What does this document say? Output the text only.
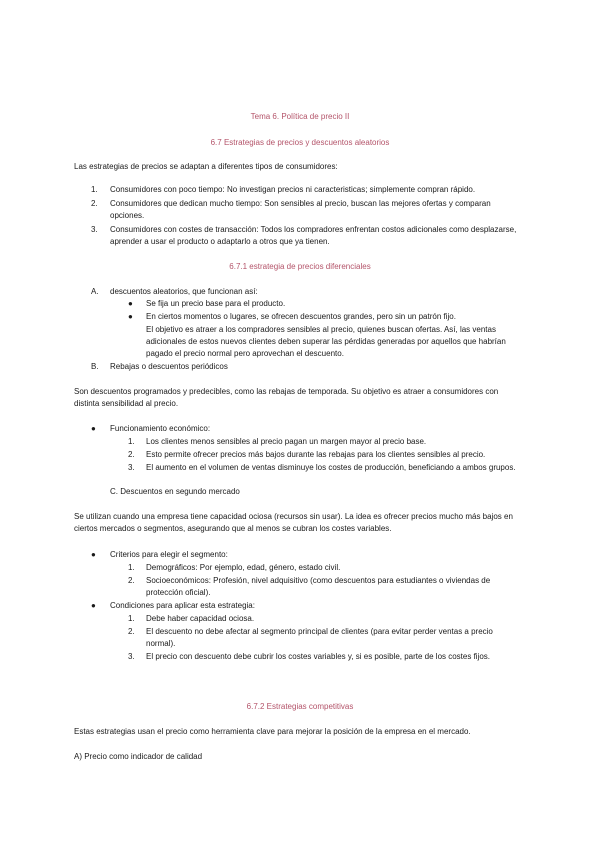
Tema 6. Política de precio II
6.7 Estrategias de precios y descuentos aleatorios
Las estrategias de precios se adaptan a diferentes tipos de consumidores:
1. Consumidores con poco tiempo: No investigan precios ni caracteristicas; simplemente compran rápido.
2. Consumidores que dedican mucho tiempo: Son sensibles al precio, buscan las mejores ofertas y comparan
opciones.
3. Consumidores con costes de transacción: Todos los compradores enfrentan costos adicionales como desplazarse,
aprender a usar el producto o adaptarlo a otros que ya tienen.
6.7.1 estrategia de precios diferenciales
A. descuentos aleatorios, que funcionan así:
● Se fija un precio base para el producto.
● En ciertos momentos o lugares, se ofrecen descuentos grandes, pero sin un patrón fijo.
El objetivo es atraer a los compradores sensibles al precio, quienes buscan ofertas. Así, las ventas
adicionales de estos nuevos clientes deben superar las pérdidas generadas por aquellos que habrían
pagado el precio normal pero aprovechan el descuento.
B. Rebajas o descuentos periódicos
Son descuentos programados y predecibles, como las rebajas de temporada. Su objetivo es atraer a consumidores con
distinta sensibilidad al precio.
● Funcionamiento económico:
1. Los clientes menos sensibles al precio pagan un margen mayor al precio base.
2. Esto permite ofrecer precios más bajos durante las rebajas para los clientes sensibles al precio.
3. El aumento en el volumen de ventas disminuye los costes de producción, beneficiando a ambos grupos.
C. Descuentos en segundo mercado
Se utilizan cuando una empresa tiene capacidad ociosa (recursos sin usar). La idea es ofrecer precios mucho más bajos en
ciertos mercados o segmentos, asegurando que al menos se cubran los costes variables.
● Criterios para elegir el segmento:
1. Demográficos: Por ejemplo, edad, género, estado civil.
2. Socioeconómicos: Profesión, nivel adquisitivo (como descuentos para estudiantes o viviendas de
protección oficial).
● Condiciones para aplicar esta estrategia:
1. Debe haber capacidad ociosa.
2. El descuento no debe afectar al segmento principal de clientes (para evitar perder ventas a precio
normal).
3. El precio con descuento debe cubrir los costes variables y, si es posible, parte de los costes fijos.
6.7.2 Estrategias competitivas
Estas estrategias usan el precio como herramienta clave para mejorar la posición de la empresa en el mercado.
A) Precio como indicador de calidad
